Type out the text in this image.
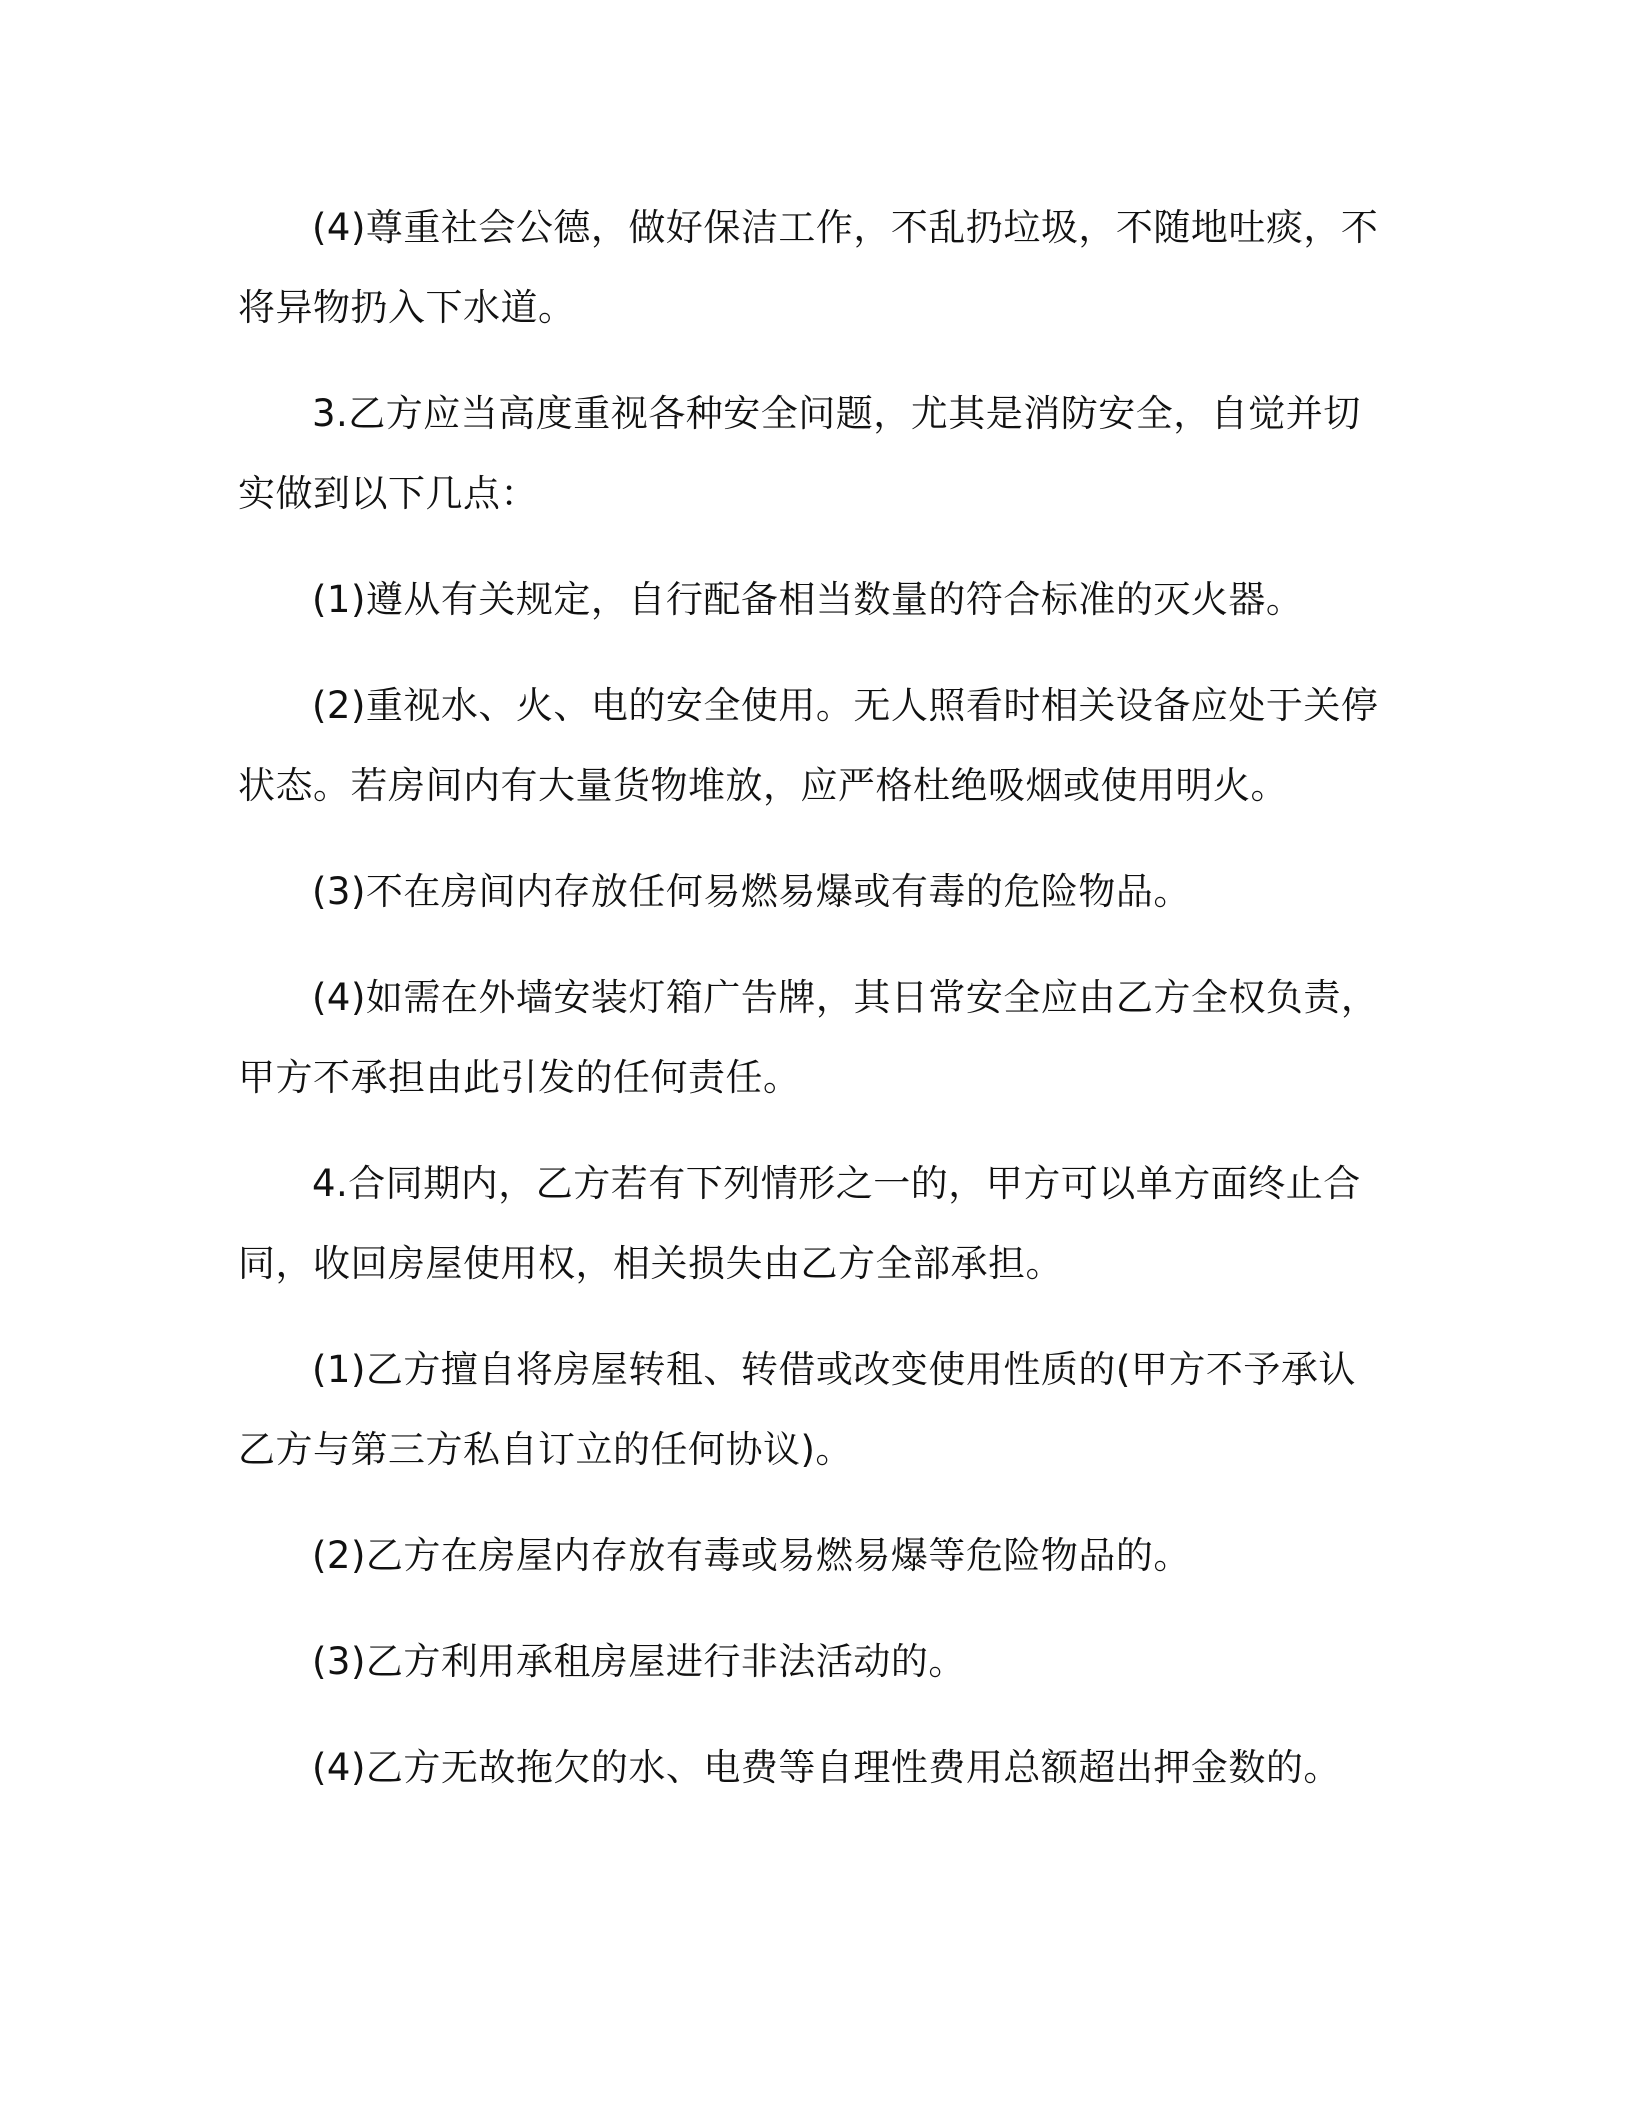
(4)尊重社会公德，做好保洁工作，不乱扔垃圾，不随地吐痰，不将异物扔入下水道。

3.乙方应当高度重视各种安全问题，尤其是消防安全，自觉并切实做到以下几点：

(1)遵从有关规定，自行配备相当数量的符合标准的灭火器。

(2)重视水、火、电的安全使用。无人照看时相关设备应处于关停状态。若房间内有大量货物堆放，应严格杜绝吸烟或使用明火。

(3)不在房间内存放任何易燃易爆或有毒的危险物品。

(4)如需在外墙安装灯箱广告牌，其日常安全应由乙方全权负责，甲方不承担由此引发的任何责任。

4.合同期内，乙方若有下列情形之一的，甲方可以单方面终止合同，收回房屋使用权，相关损失由乙方全部承担。

(1)乙方擅自将房屋转租、转借或改变使用性质的(甲方不予承认乙方与第三方私自订立的任何协议)。

(2)乙方在房屋内存放有毒或易燃易爆等危险物品的。

(3)乙方利用承租房屋进行非法活动的。

(4)乙方无故拖欠的水、电费等自理性费用总额超出押金数的。
